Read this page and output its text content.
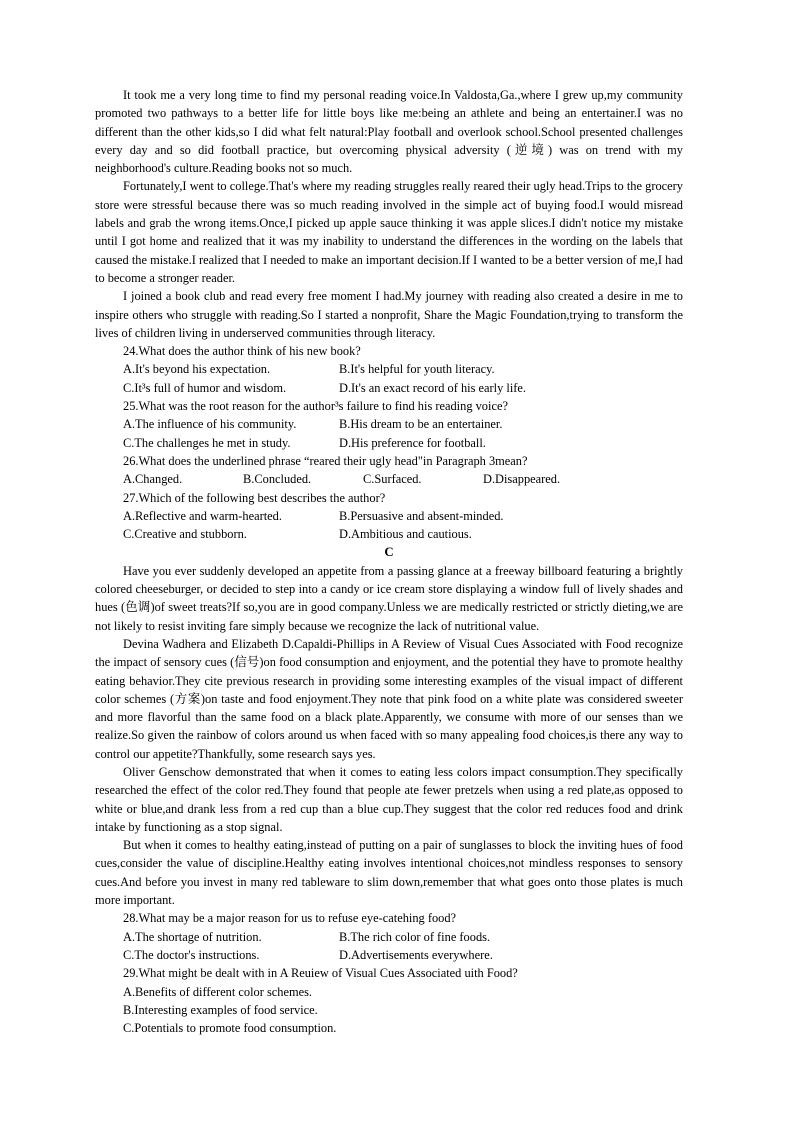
It took me a very long time to find my personal reading voice.In Valdosta,Ga.,where I grew up,my community promoted two pathways to a better life for little boys like me:being an athlete and being an entertainer.I was no different than the other kids,so I did what felt natural:Play football and overlook school.School presented challenges every day and so did football practice, but overcoming physical adversity (逆境) was on trend with my neighborhood's culture.Reading books not so much.

Fortunately,I went to college.That's where my reading struggles really reared their ugly head.Trips to the grocery store were stressful because there was so much reading involved in the simple act of buying food.I would misread labels and grab the wrong items.Once,I picked up apple sauce thinking it was apple slices.I didn't notice my mistake until I got home and realized that it was my inability to understand the differences in the wording on the labels that caused the mistake.I realized that I needed to make an important decision.If I wanted to be a better version of me,I had to become a stronger reader.

I joined a book club and read every free moment I had.My journey with reading also created a desire in me to inspire others who struggle with reading.So I started a nonprofit, Share the Magic Foundation,trying to transform the lives of children living in underserved communities through literacy.

24.What does the author think of his new book?

A.It's beyond his expectation.	B.It's helpful for youth literacy.
C.It³s full of humor and wisdom.	D.It's an exact record of his early life.

25.What was the root reason for the author³s failure to find his reading voice?

A.The influence of his community.	B.His dream to be an entertainer.
C.The challenges he met in study.	D.His preference for football.

26.What does the underlined phrase “reared their ugly head"in Paragraph 3mean?

A.Changed.	B.Concluded.	C.Surfaced.	D.Disappeared.

27.Which of the following best describes the author?

A.Reflective and warm-hearted.	B.Persuasive and absent-minded.
C.Creative and stubborn.	D.Ambitious and cautious.

C

Have you ever suddenly developed an appetite from a passing glance at a freeway billboard featuring a brightly colored cheeseburger, or decided to step into a candy or ice cream store displaying a window full of lively shades and hues (色调)of sweet treats?If so,you are in good company.Unless we are medically restricted or strictly dieting,we are not likely to resist inviting fare simply because we recognize the lack of nutritional value.

Devina Wadhera and Elizabeth D.Capaldi-Phillips in A Review of Visual Cues Associated with Food recognize the impact of sensory cues (信号)on food consumption and enjoyment, and the potential they have to promote healthy eating behavior.They cite previous research in providing some interesting examples of the visual impact of different color schemes (方案)on taste and food enjoyment.They note that pink food on a white plate was considered sweeter and more flavorful than the same food on a black plate.Apparently, we consume with more of our senses than we realize.So given the rainbow of colors around us when faced with so many appealing food choices,is there any way to control our appetite?Thankfully, some research says yes.

Oliver Genschow demonstrated that when it comes to eating less colors impact consumption.They specifically researched the effect of the color red.They found that people ate fewer pretzels when using a red plate,as opposed to white or blue,and drank less from a red cup than a blue cup.They suggest that the color red reduces food and drink intake by functioning as a stop signal.

But when it comes to healthy eating,instead of putting on a pair of sunglasses to block the inviting hues of food cues,consider the value of discipline.Healthy eating involves intentional choices,not mindless responses to sensory cues.And before you invest in many red tableware to slim down,remember that what goes onto those plates is much more important.

28.What may be a major reason for us to refuse eye-catehing food?

A.The shortage of nutrition.	B.The rich color of fine foods.
C.The doctor's instructions.	D.Advertisements everywhere.

29.What might be dealt with in A Reuiew of Visual Cues Associated uith Food?

A.Benefits of different color schemes.
B.Interesting examples of food service.
C.Potentials to promote food consumption.
